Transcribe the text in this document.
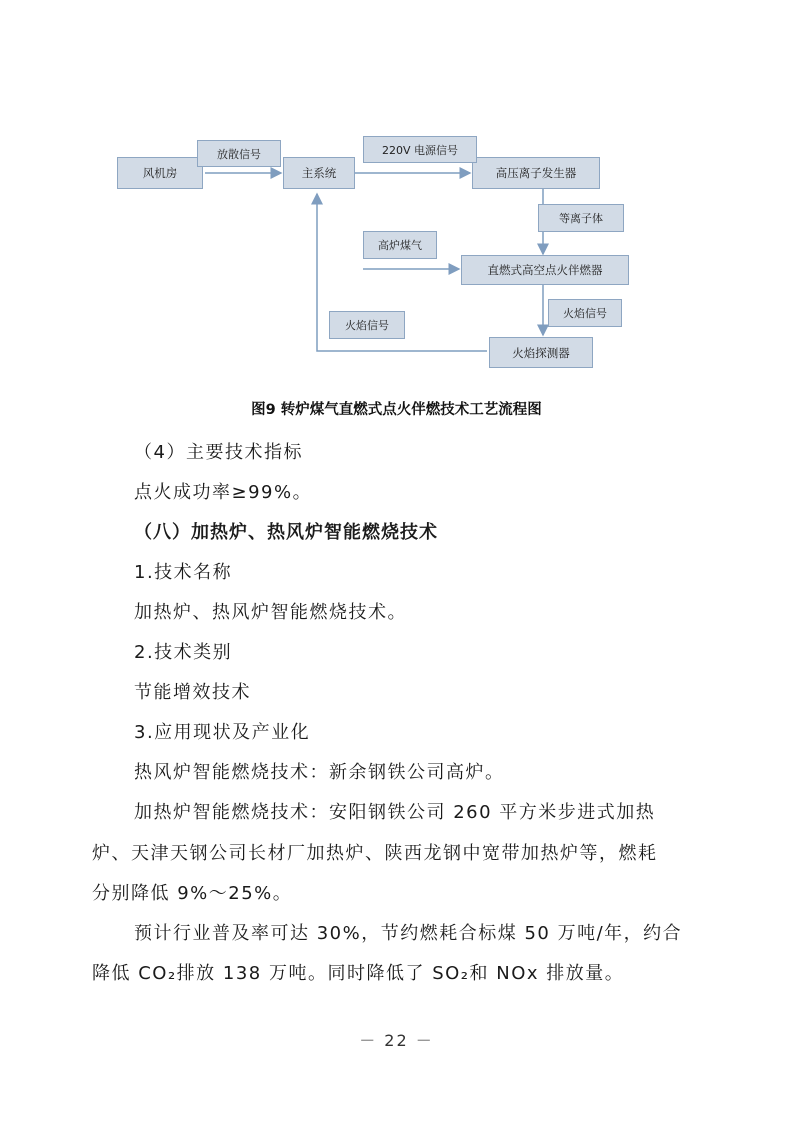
风机房	主系统	高压离子发生器
直燃式高空点火伴燃器
火焰探测器
放散信号	220V 电源信号
等离子体
高炉煤气
火焰信号
火焰信号
图9 转炉煤气直燃式点火伴燃技术工艺流程图
（4）主要技术指标
点火成功率≥99%。
（八）加热炉、热风炉智能燃烧技术
1.技术名称
加热炉、热风炉智能燃烧技术。
2.技术类别
节能增效技术
3.应用现状及产业化
热风炉智能燃烧技术：新余钢铁公司高炉。
加热炉智能燃烧技术：安阳钢铁公司 260 平方米步进式加热
炉、天津天钢公司长材厂加热炉、陕西龙钢中宽带加热炉等，燃耗
分别降低 9%～25%。
预计行业普及率可达 30%，节约燃耗合标煤 50 万吨/年，约合
降低 CO₂排放 138 万吨。同时降低了 SO₂和 NOx 排放量。
－ 22 －
